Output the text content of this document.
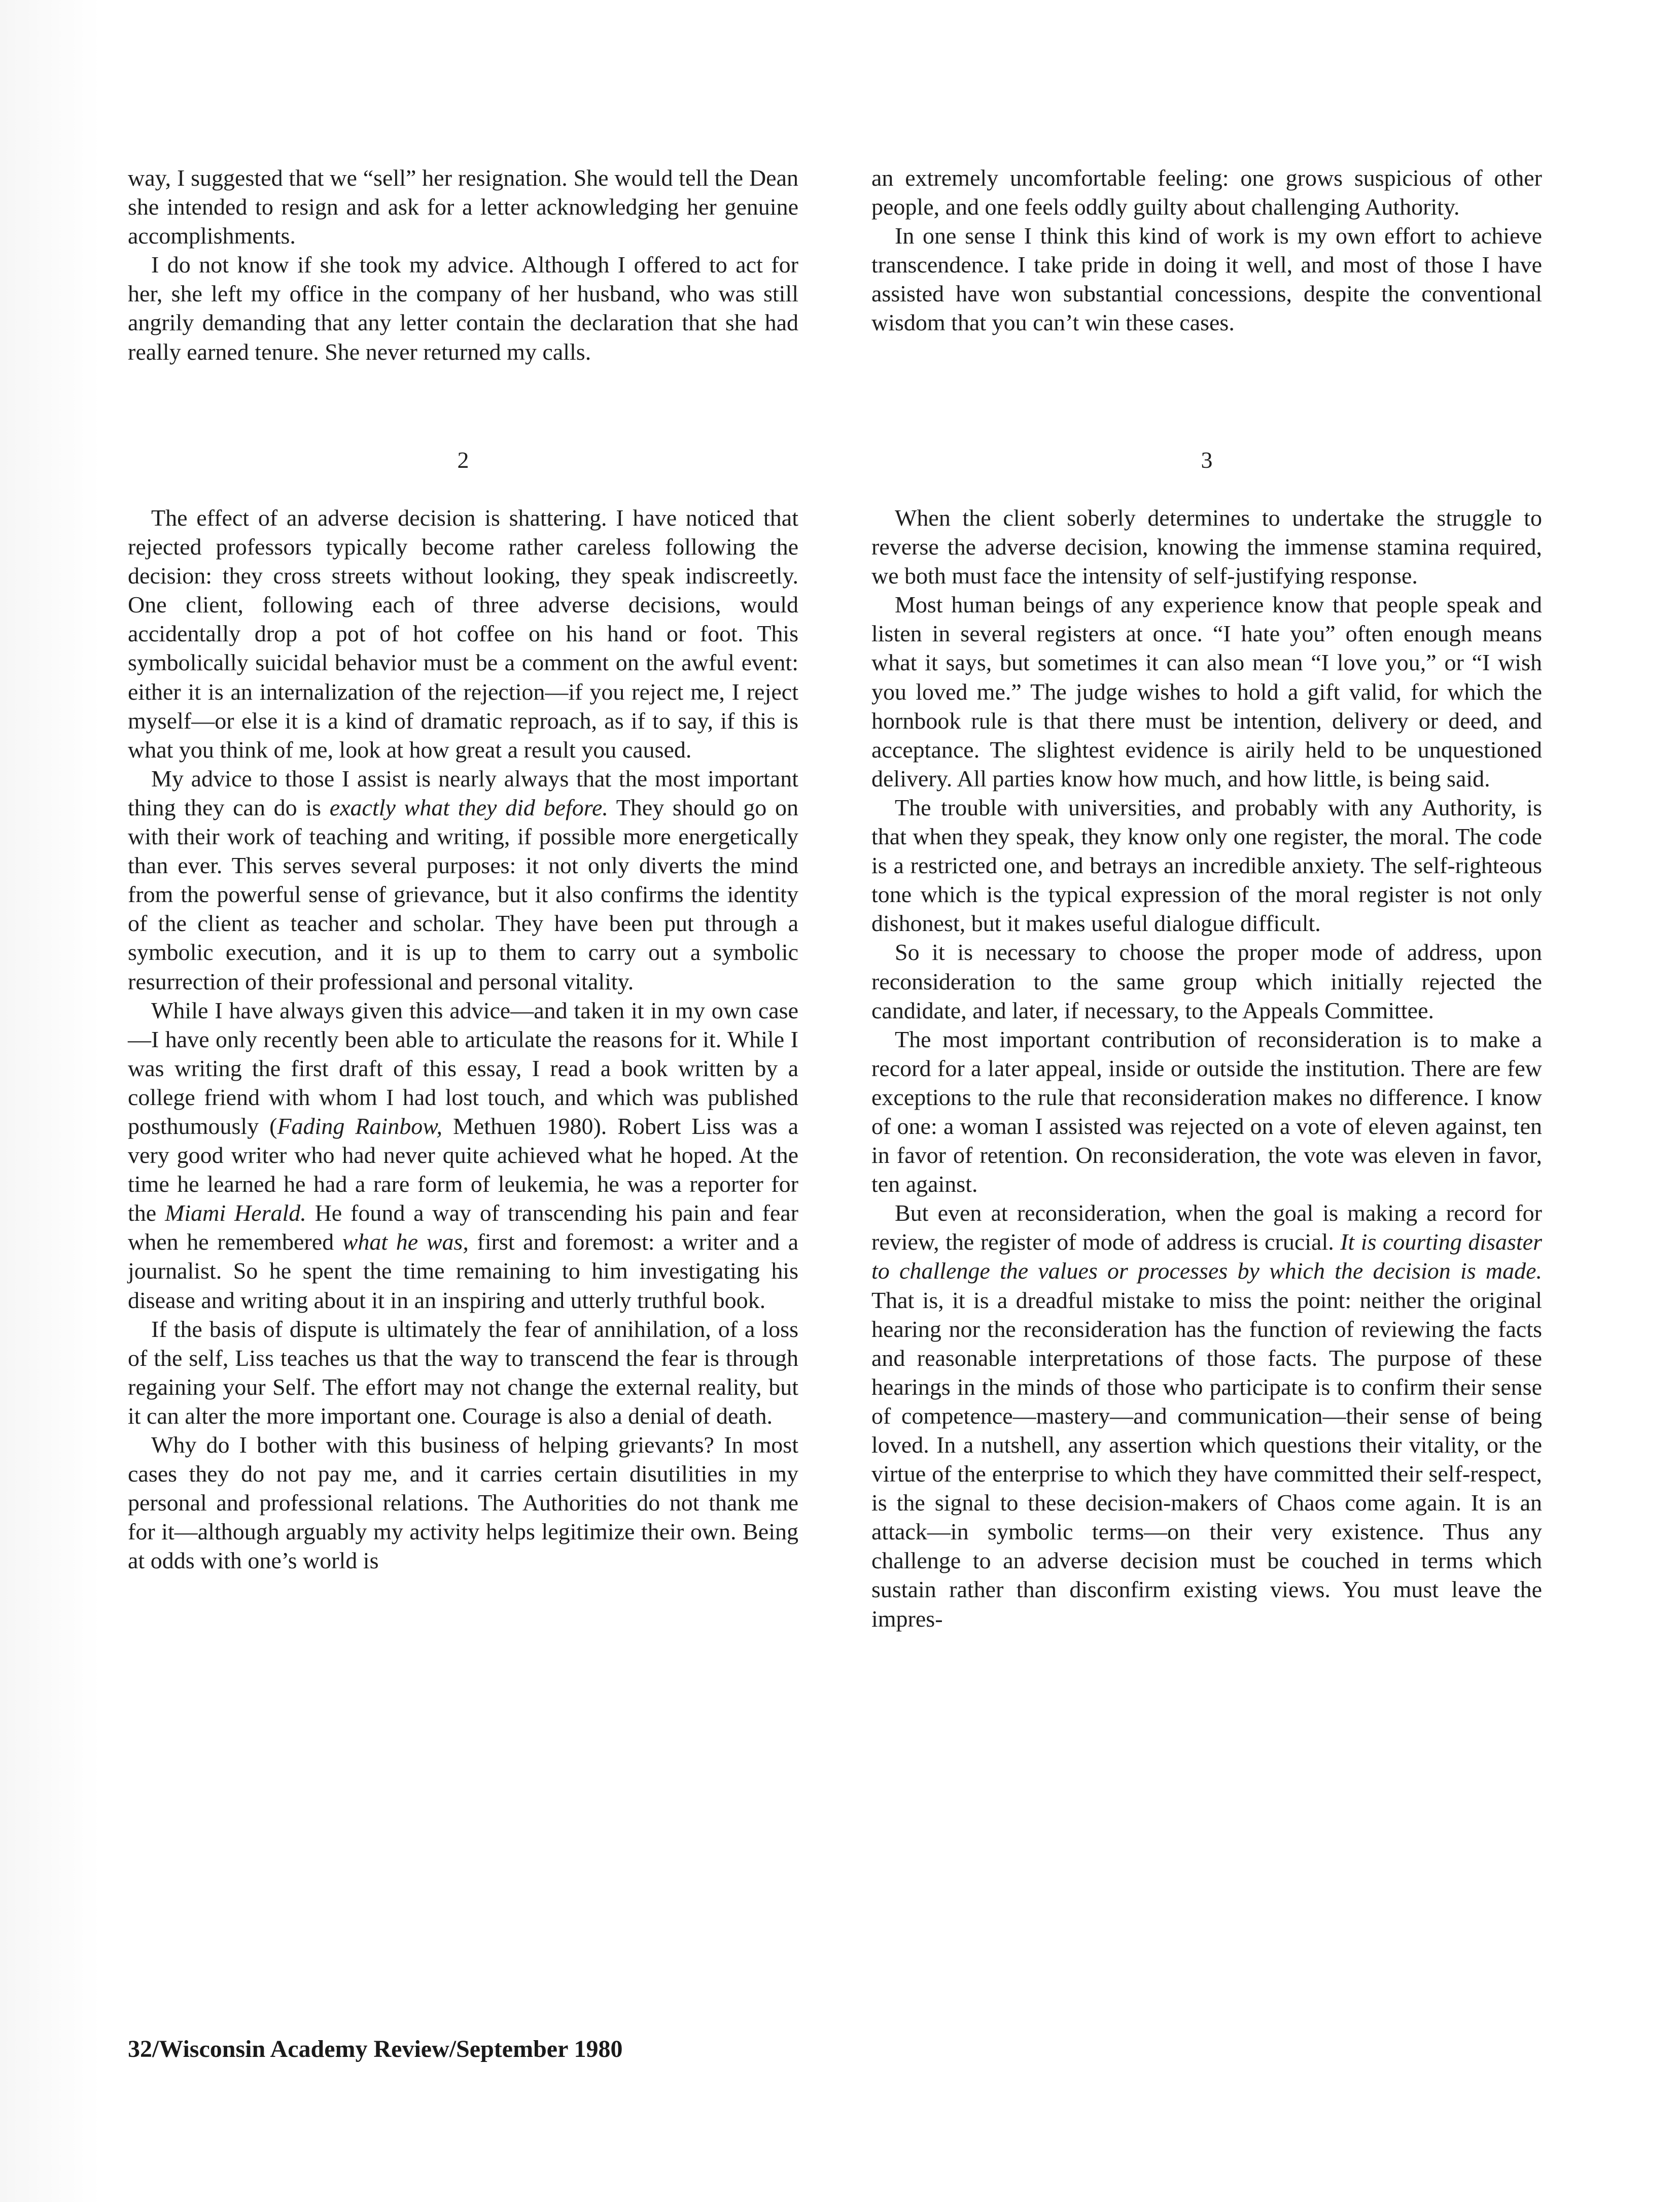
way, I suggested that we “sell” her resignation. She would tell the Dean she intended to resign and ask for a letter acknowledging her genuine accomplishments.

I do not know if she took my advice. Although I offered to act for her, she left my office in the company of her husband, who was still angrily demanding that any letter contain the declaration that she had really earned tenure. She never returned my calls.

2

The effect of an adverse decision is shattering. I have noticed that rejected professors typically become rather careless following the decision: they cross streets without looking, they speak indiscreetly. One client, following each of three adverse decisions, would accidentally drop a pot of hot coffee on his hand or foot. This symbolically suicidal behavior must be a comment on the awful event: either it is an internalization of the rejection—if you reject me, I reject myself—or else it is a kind of dramatic reproach, as if to say, if this is what you think of me, look at how great a result you caused.

My advice to those I assist is nearly always that the most important thing they can do is exactly what they did before. They should go on with their work of teaching and writing, if possible more energetically than ever. This serves several purposes: it not only diverts the mind from the powerful sense of grievance, but it also confirms the identity of the client as teacher and scholar. They have been put through a symbolic execution, and it is up to them to carry out a symbolic resurrection of their professional and personal vitality.

While I have always given this advice—and taken it in my own case—I have only recently been able to articulate the reasons for it. While I was writing the first draft of this essay, I read a book written by a college friend with whom I had lost touch, and which was published posthumously (Fading Rainbow, Methuen 1980). Robert Liss was a very good writer who had never quite achieved what he hoped. At the time he learned he had a rare form of leukemia, he was a reporter for the Miami Herald. He found a way of transcending his pain and fear when he remembered what he was, first and foremost: a writer and a journalist. So he spent the time remaining to him investigating his disease and writing about it in an inspiring and utterly truthful book.

If the basis of dispute is ultimately the fear of annihilation, of a loss of the self, Liss teaches us that the way to transcend the fear is through regaining your Self. The effort may not change the external reality, but it can alter the more important one. Courage is also a denial of death.

Why do I bother with this business of helping grievants? In most cases they do not pay me, and it carries certain disutilities in my personal and professional relations. The Authorities do not thank me for it—although arguably my activity helps legitimize their own. Being at odds with one’s world is

an extremely uncomfortable feeling: one grows suspicious of other people, and one feels oddly guilty about challenging Authority.

In one sense I think this kind of work is my own effort to achieve transcendence. I take pride in doing it well, and most of those I have assisted have won substantial concessions, despite the conventional wisdom that you can’t win these cases.

3

When the client soberly determines to undertake the struggle to reverse the adverse decision, knowing the immense stamina required, we both must face the intensity of self-justifying response.

Most human beings of any experience know that people speak and listen in several registers at once. “I hate you” often enough means what it says, but sometimes it can also mean “I love you,” or “I wish you loved me.” The judge wishes to hold a gift valid, for which the hornbook rule is that there must be intention, delivery or deed, and acceptance. The slightest evidence is airily held to be unquestioned delivery. All parties know how much, and how little, is being said.

The trouble with universities, and probably with any Authority, is that when they speak, they know only one register, the moral. The code is a restricted one, and betrays an incredible anxiety. The self-righteous tone which is the typical expression of the moral register is not only dishonest, but it makes useful dialogue difficult.

So it is necessary to choose the proper mode of address, upon reconsideration to the same group which initially rejected the candidate, and later, if necessary, to the Appeals Committee.

The most important contribution of reconsideration is to make a record for a later appeal, inside or outside the institution. There are few exceptions to the rule that reconsideration makes no difference. I know of one: a woman I assisted was rejected on a vote of eleven against, ten in favor of retention. On reconsideration, the vote was eleven in favor, ten against.

But even at reconsideration, when the goal is making a record for review, the register of mode of address is crucial. It is courting disaster to challenge the values or processes by which the decision is made. That is, it is a dreadful mistake to miss the point: neither the original hearing nor the reconsideration has the function of reviewing the facts and reasonable interpretations of those facts. The purpose of these hearings in the minds of those who participate is to confirm their sense of competence—mastery—and communication—their sense of being loved. In a nutshell, any assertion which questions their vitality, or the virtue of the enterprise to which they have committed their self-respect, is the signal to these decision-makers of Chaos come again. It is an attack—in symbolic terms—on their very existence. Thus any challenge to an adverse decision must be couched in terms which sustain rather than disconfirm existing views. You must leave the impres-

32/Wisconsin Academy Review/September 1980
